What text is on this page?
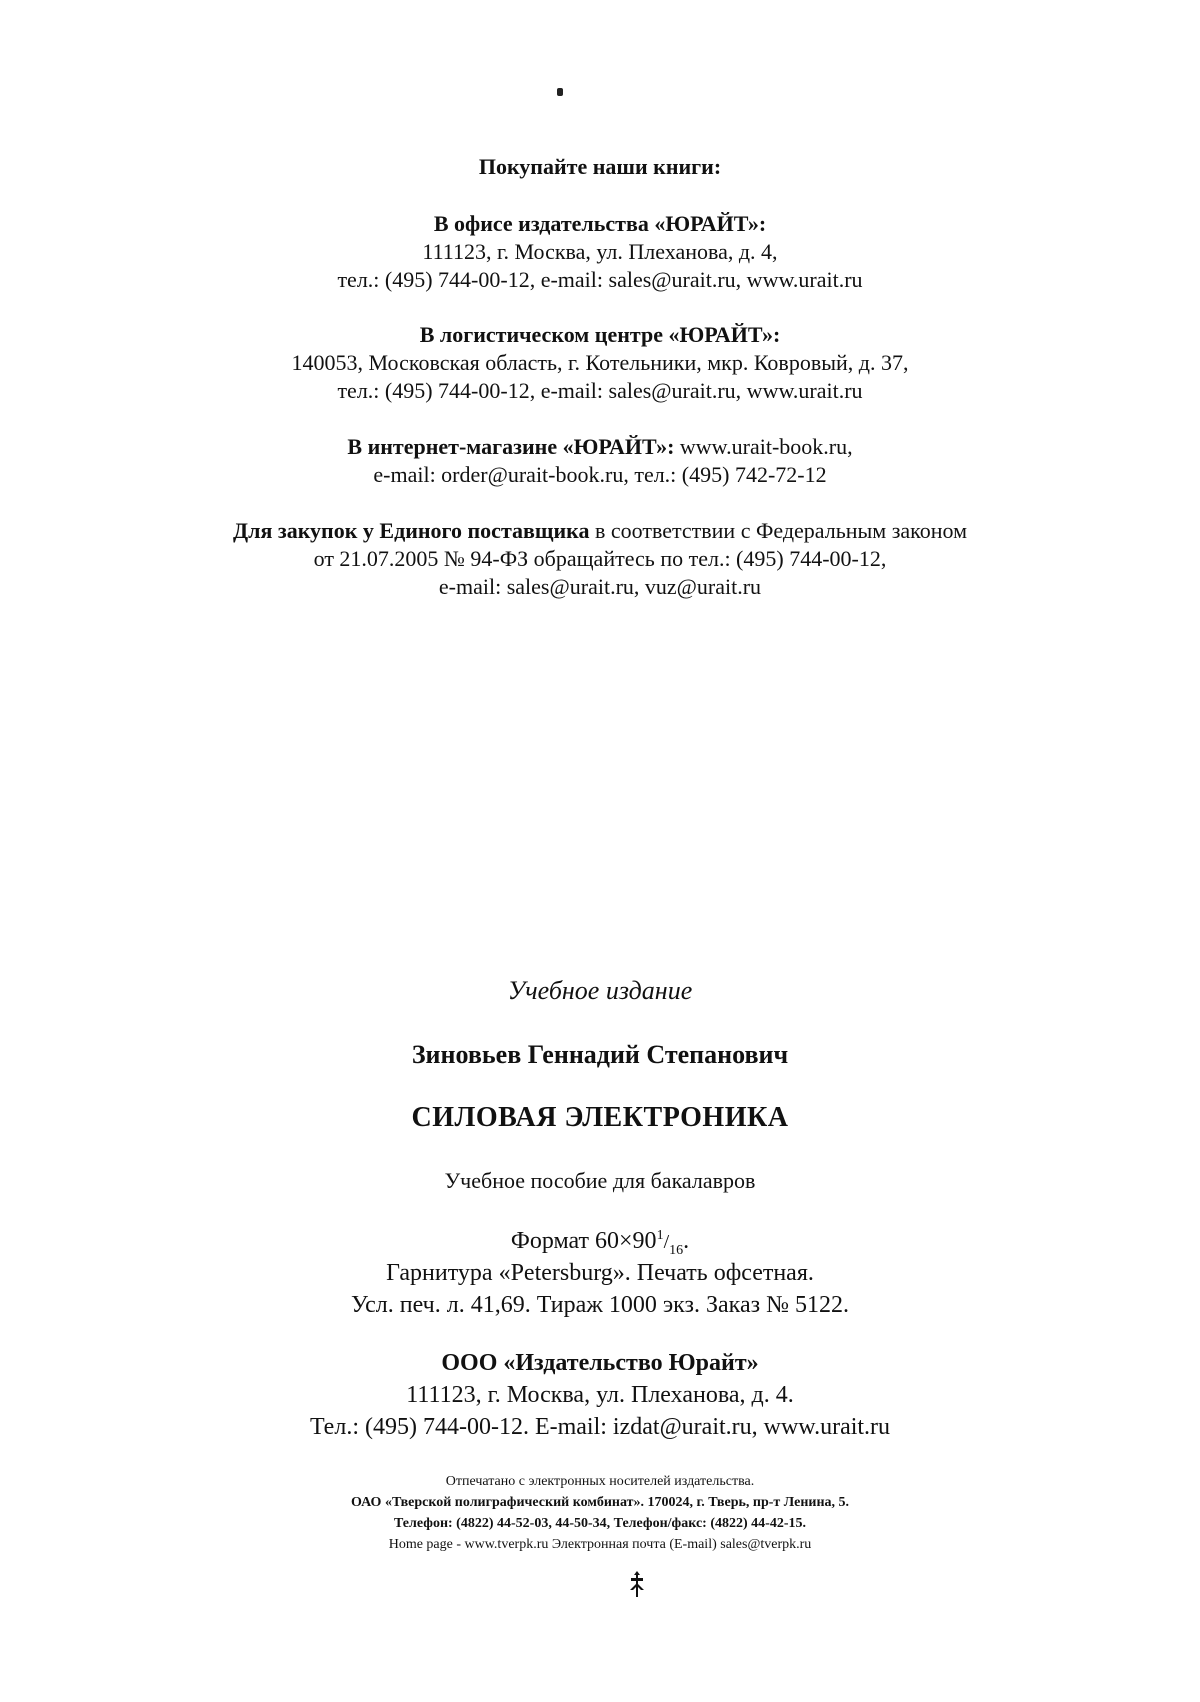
Покупайте наши книги:
В офисе издательства «ЮРАЙТ»:
111123, г. Москва, ул. Плеханова, д. 4,
тел.: (495) 744-00-12, e-mail: sales@urait.ru, www.urait.ru
В логистическом центре «ЮРАЙТ»:
140053, Московская область, г. Котельники, мкр. Ковровый, д. 37,
тел.: (495) 744-00-12, e-mail: sales@urait.ru, www.urait.ru
В интернет-магазине «ЮРАЙТ»: www.urait-book.ru,
e-mail: order@urait-book.ru, тел.: (495) 742-72-12
Для закупок у Единого поставщика в соответствии с Федеральным законом
от 21.07.2005 № 94-ФЗ обращайтесь по тел.: (495) 744-00-12,
e-mail: sales@urait.ru, vuz@urait.ru
Учебное издание
Зиновьев Геннадий Степанович
СИЛОВАЯ ЭЛЕКТРОНИКА
Учебное пособие для бакалавров
Формат $60\times 90^1/_{16}$.
Гарнитура «Petersburg». Печать офсетная.
Усл. печ. л. 41,69. Тираж 1000 экз. Заказ № 5122.
ООО «Издательство Юрайт»
111123, г. Москва, ул. Плеханова, д. 4.
Тел.: (495) 744-00-12. E-mail: izdat@urait.ru, www.urait.ru
Отпечатано с электронных носителей издательства.
ОАО «Тверской полиграфический комбинат». 170024, г. Тверь, пр-т Ленина, 5.
Телефон: (4822) 44-52-03, 44-50-34, Телефон/факс: (4822) 44-42-15.
Home page - www.tverpk.ru Электронная почта (E-mail) sales@tverpk.ru
